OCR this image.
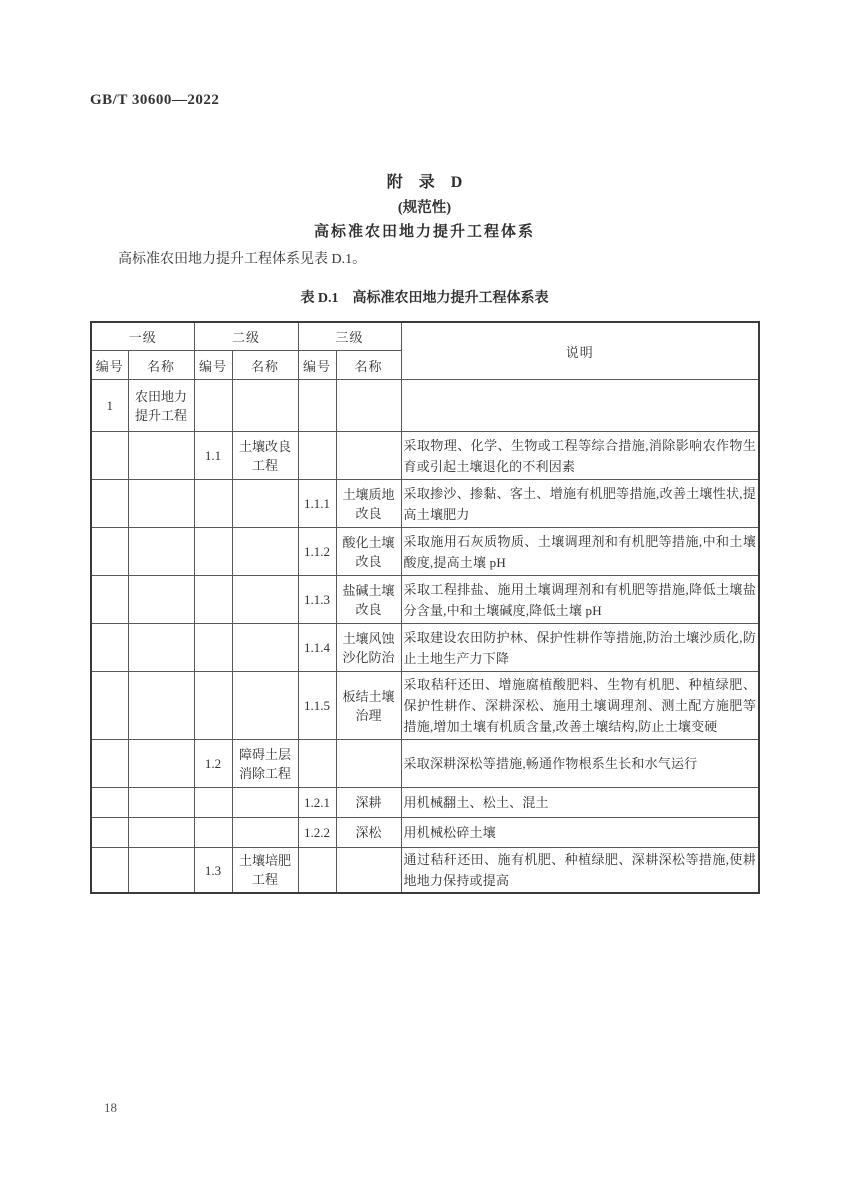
GB/T 30600—2022
附　录　D
(规范性)
高标准农田地力提升工程体系
高标准农田地力提升工程体系见表 D.1。
表 D.1　高标准农田地力提升工程体系表
一级		二级		三级		说明
编号	名称	编号	名称	编号	名称	
1	农田地力提升工程					
		1.1	土壤改良工程			采取物理、化学、生物或工程等综合措施,消除影响农作物生育或引起土壤退化的不利因素
				1.1.1	土壤质地改良	采取掺沙、掺黏、客土、增施有机肥等措施,改善土壤性状,提高土壤肥力
				1.1.2	酸化土壤改良	采取施用石灰质物质、土壤调理剂和有机肥等措施,中和土壤酸度,提高土壤 pH
				1.1.3	盐碱土壤改良	采取工程排盐、施用土壤调理剂和有机肥等措施,降低土壤盐分含量,中和土壤碱度,降低土壤 pH
				1.1.4	土壤风蚀沙化防治	采取建设农田防护林、保护性耕作等措施,防治土壤沙质化,防止土地生产力下降
				1.1.5	板结土壤治理	采取秸秆还田、增施腐植酸肥料、生物有机肥、种植绿肥、保护性耕作、深耕深松、施用土壤调理剂、测土配方施肥等措施,增加土壤有机质含量,改善土壤结构,防止土壤变硬
		1.2	障碍土层消除工程			采取深耕深松等措施,畅通作物根系生长和水气运行
				1.2.1	深耕	用机械翻土、松土、混土
				1.2.2	深松	用机械松碎土壤
		1.3	土壤培肥工程			通过秸秆还田、施有机肥、种植绿肥、深耕深松等措施,使耕地地力保持或提高
18
